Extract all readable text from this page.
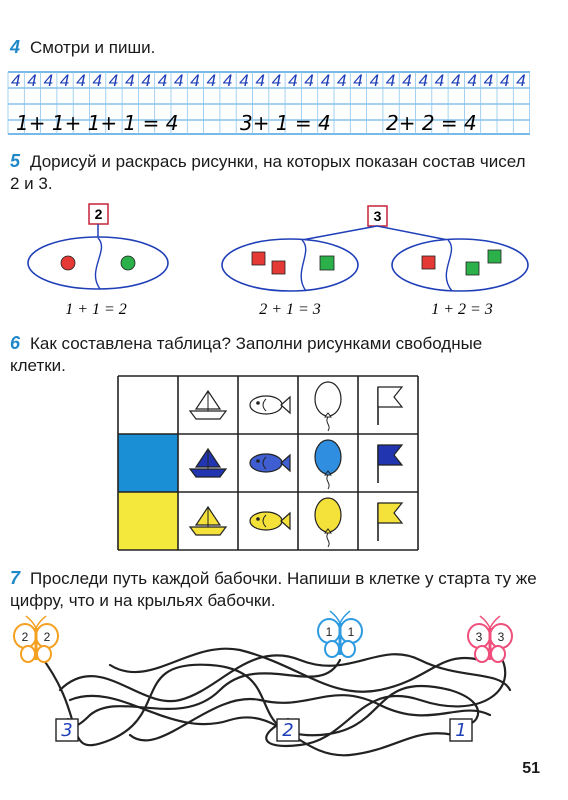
4 Смотри и пиши.
4 4 4 4 4 4 4 4 4 4 4 4 4 4 4 4 4 4 4 4 4 4 4 4 4 4 4 4 4 4 4 4
1+ 1+ 1+ 1 = 4	3+ 1 = 4	2+ 2 = 4
5 Дорисуй и раскрась рисунки, на которых показан состав чисел 2 и 3.
2
1 + 1 = 2
3
2 + 1 = 3	1 + 2 = 3
6 Как составлена таблица? Заполни рисунками свободные клетки.
7 Проследи путь каждой бабочки. Напиши в клетке у старта ту же цифру, что и на крыльях бабочки.
3	2	1
2 2	1 1	3 3
51
